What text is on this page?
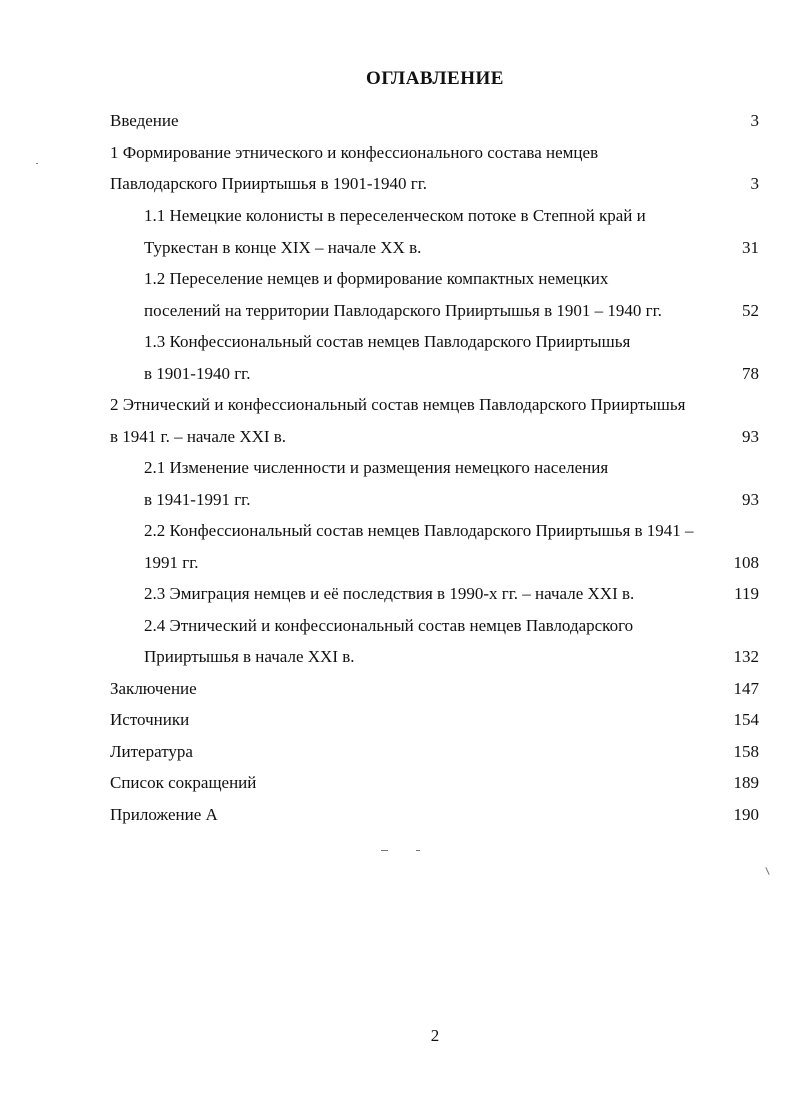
ОГЛАВЛЕНИЕ
Введение	3
1 Формирование этнического и конфессионального состава немцев
Павлодарского Прииртышья в 1901-1940 гг.	3
1.1 Немецкие колонисты в переселенческом потоке в Степной край и
Туркестан в конце XIX – начале XX в.	31
1.2 Переселение немцев и формирование компактных немецких
поселений на территории Павлодарского Прииртышья в 1901 – 1940 гг.	52
1.3 Конфессиональный состав немцев Павлодарского Прииртышья
в 1901-1940 гг.	78
2 Этнический и конфессиональный состав немцев Павлодарского Прииртышья
в 1941 г. – начале XXI в.	93
2.1 Изменение численности и размещения немецкого населения
в 1941-1991 гг.	93
2.2 Конфессиональный состав немцев Павлодарского Прииртышья в 1941 –
1991 гг.	108
2.3 Эмиграция немцев и её последствия в 1990-х гг. – начале XXI в.	119
2.4 Этнический и конфессиональный состав немцев Павлодарского
Прииртышья в начале XXI в.	132
Заключение	147
Источники	154
Литература	158
Список сокращений	189
Приложение А	190
2
